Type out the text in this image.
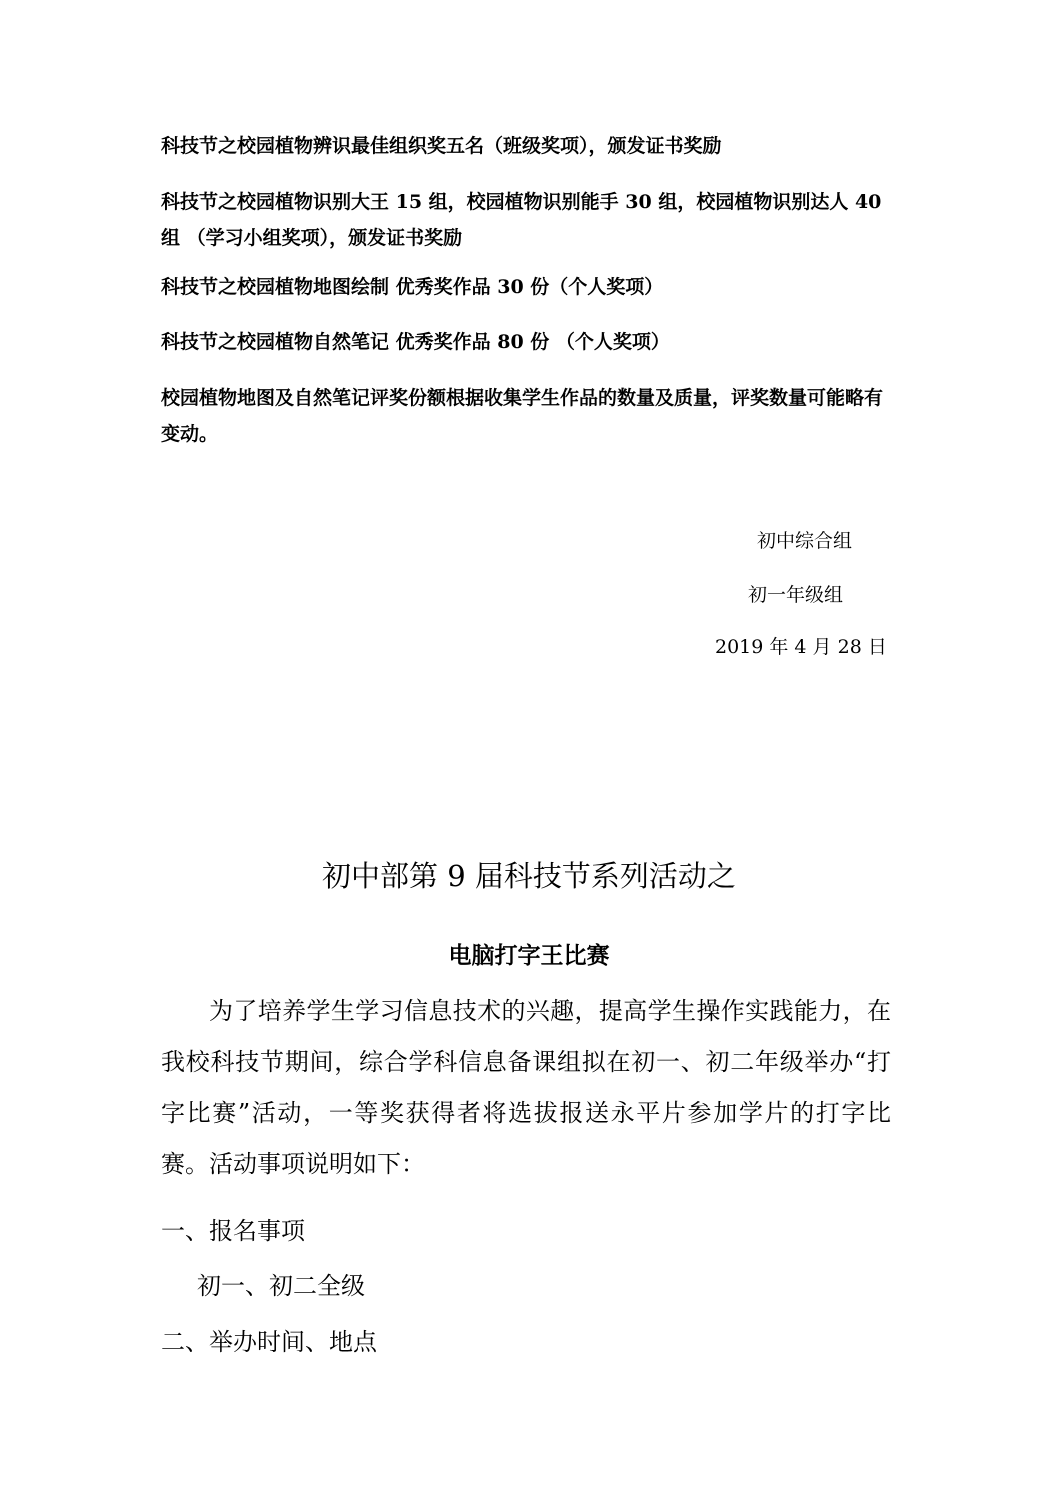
科技节之校园植物辨识最佳组织奖五名（班级奖项），颁发证书奖励

科技节之校园植物识别大王 15 组，校园植物识别能手 30 组，校园植物识别达人 40 组 （学习小组奖项），颁发证书奖励

科技节之校园植物地图绘制 优秀奖作品 30 份（个人奖项）

科技节之校园植物自然笔记 优秀奖作品 80 份 （个人奖项）

校园植物地图及自然笔记评奖份额根据收集学生作品的数量及质量，评奖数量可能略有变动。

初中综合组

初一年级组

2019 年 4 月 28 日

初中部第 9 届科技节系列活动之
电脑打字王比赛

为了培养学生学习信息技术的兴趣，提高学生操作实践能力，在我校科技节期间，综合学科信息备课组拟在初一、初二年级举办“打字比赛”活动，一等奖获得者将选拔报送永平片参加学片的打字比赛。活动事项说明如下：

一、报名事项

初一、初二全级

二、举办时间、地点
